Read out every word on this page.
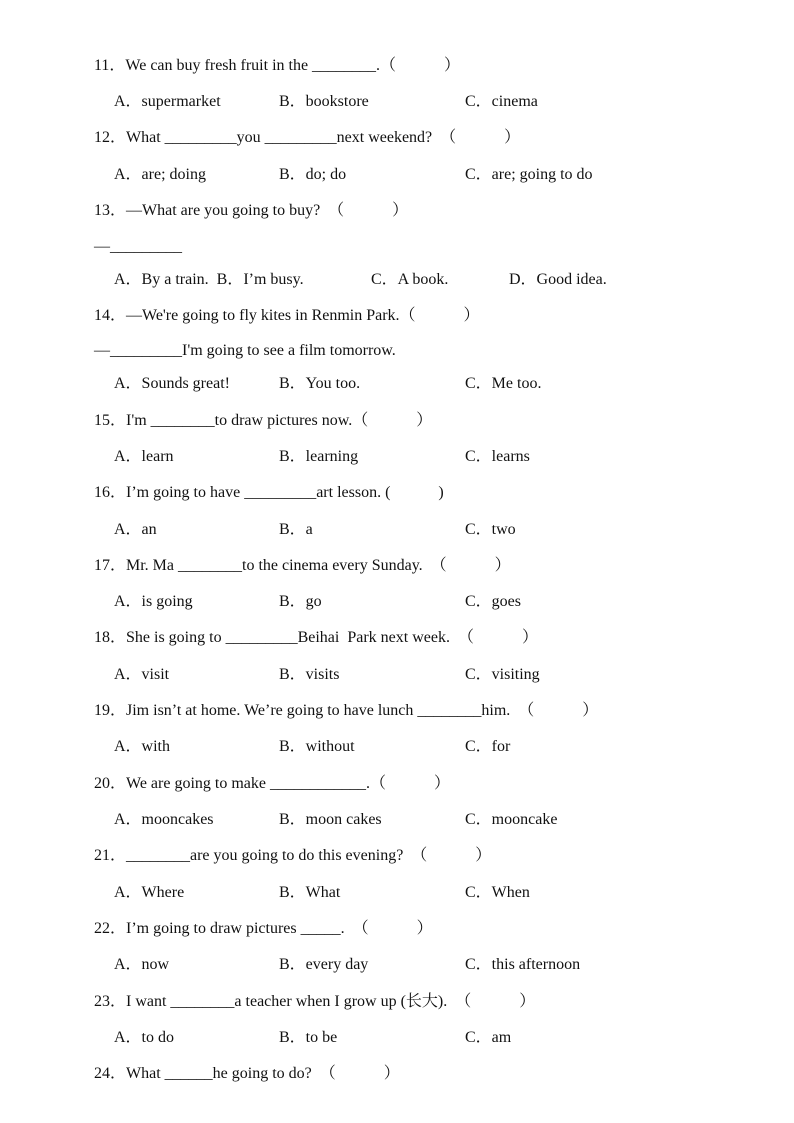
11．We can buy fresh fruit in the ________.（　　　）
A．supermarket	B．bookstore	C．cinema
12．What _________you _________next weekend?  （　　　）
A．are; doing	B．do; do	C．are; going to do
13．—What are you going to buy?  （　　　）
—_________
A．By a train.  B．I’m busy.	C．A book.	D．Good idea.
14．—We're going to fly kites in Renmin Park.（　　　）
—_________I'm going to see a film tomorrow.
A．Sounds great!	B．You too.	C．Me too.
15．I'm ________to draw pictures now.（　　　）
A．learn	B．learning	C．learns
16．I’m going to have _________art lesson. (　　　)
A．an	B．a	C．two
17．Mr. Ma ________to the cinema every Sunday.  （　　　）
A．is going	B．go	C．goes
18．She is going to _________Beihai  Park next week.  （　　　）
A．visit	B．visits	C．visiting
19．Jim isn’t at home. We’re going to have lunch ________him.  （　　　）
A．with	B．without	C．for
20．We are going to make ____________.（　　　）
A．mooncakes	B．moon cakes	C．mooncake
21．________are you going to do this evening?  （　　　）
A．Where	B．What	C．When
22．I’m going to draw pictures _____.  （　　　）
A．now	B．every day	C．this afternoon
23．I want ________a teacher when I grow up (长大).  （　　　）
A．to do	B．to be	C．am
24．What ______he going to do?  （　　　）
